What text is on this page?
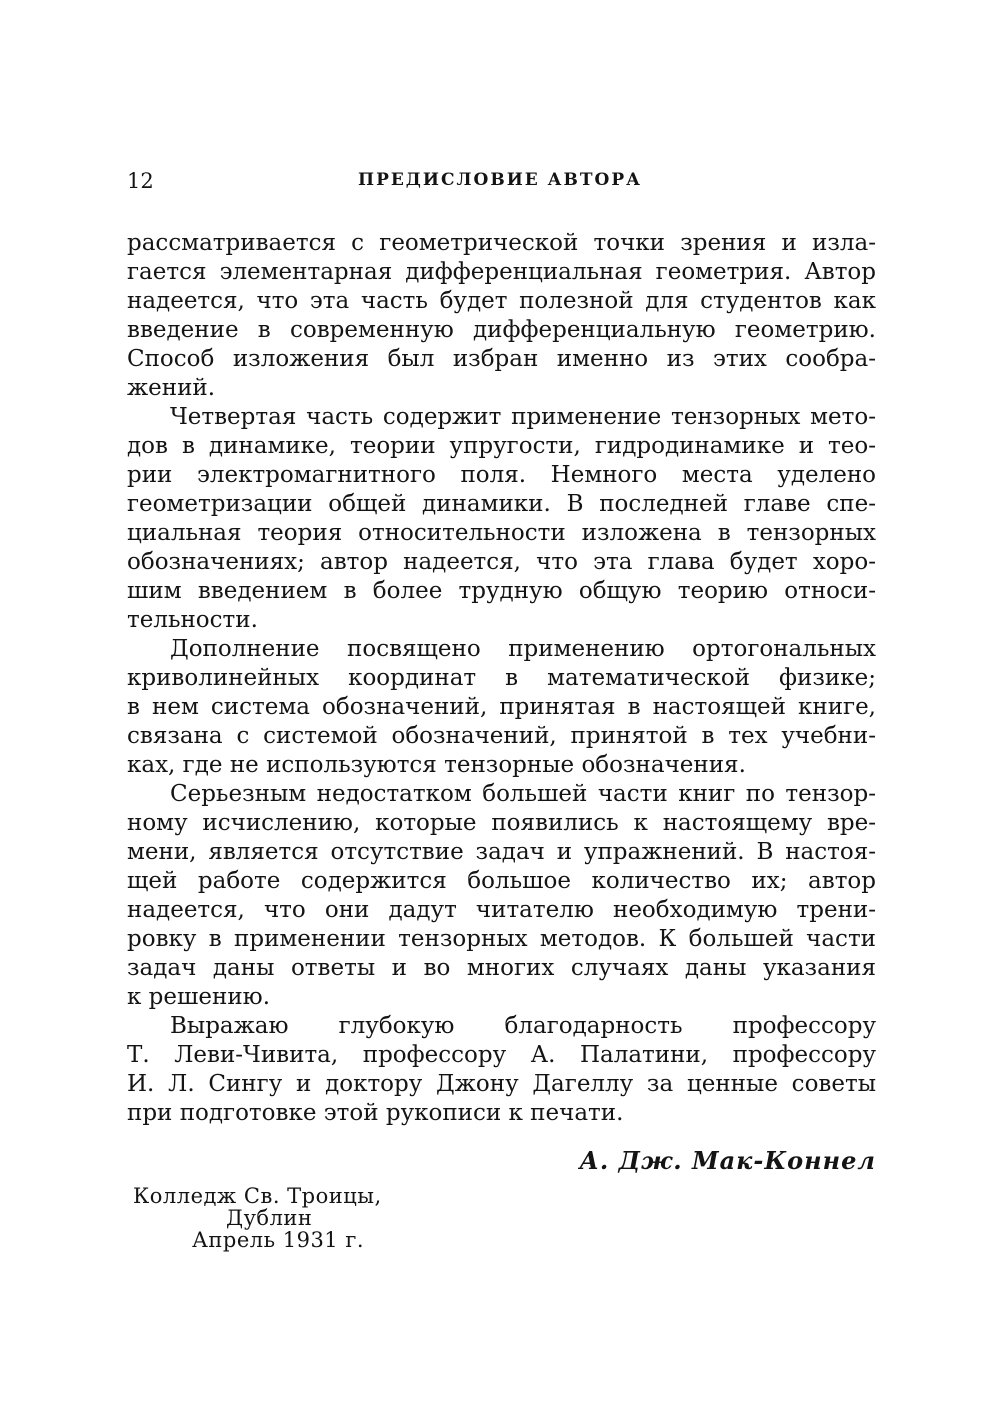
12	ПРЕДИСЛОВИЕ АВТОРА
рассматривается с геометрической точки зрения и изла-
гается элементарная дифференциальная геометрия. Автор
надеется, что эта часть будет полезной для студентов как
введение в современную дифференциальную геометрию.
Способ изложения был избран именно из этих сообра-
жений.
Четвертая часть содержит применение тензорных мето-
дов в динамике, теории упругости, гидродинамике и тео-
рии электромагнитного поля. Немного места уделено
геометризации общей динамики. В последней главе спе-
циальная теория относительности изложена в тензорных
обозначениях; автор надеется, что эта глава будет хоро-
шим введением в более трудную общую теорию относи-
тельности.
Дополнение посвящено применению ортогональных
криволинейных координат в математической физике;
в нем система обозначений, принятая в настоящей книге,
связана с системой обозначений, принятой в тех учебни-
ках, где не используются тензорные обозначения.
Серьезным недостатком большей части книг по тензор-
ному исчислению, которые появились к настоящему вре-
мени, является отсутствие задач и упражнений. В настоя-
щей работе содержится большое количество их; автор
надеется, что они дадут читателю необходимую трени-
ровку в применении тензорных методов. К большей части
задач даны ответы и во многих случаях даны указания
к решению.
Выражаю глубокую благодарность профессору
Т. Леви-Чивита, профессору А. Палатини, профессору
И. Л. Сингу и доктору Джону Дагеллу за ценные советы
при подготовке этой рукописи к печати.
А. Дж. Мак-Коннел
Колледж Св. Троицы,
Дублин
Апрель 1931 г.
